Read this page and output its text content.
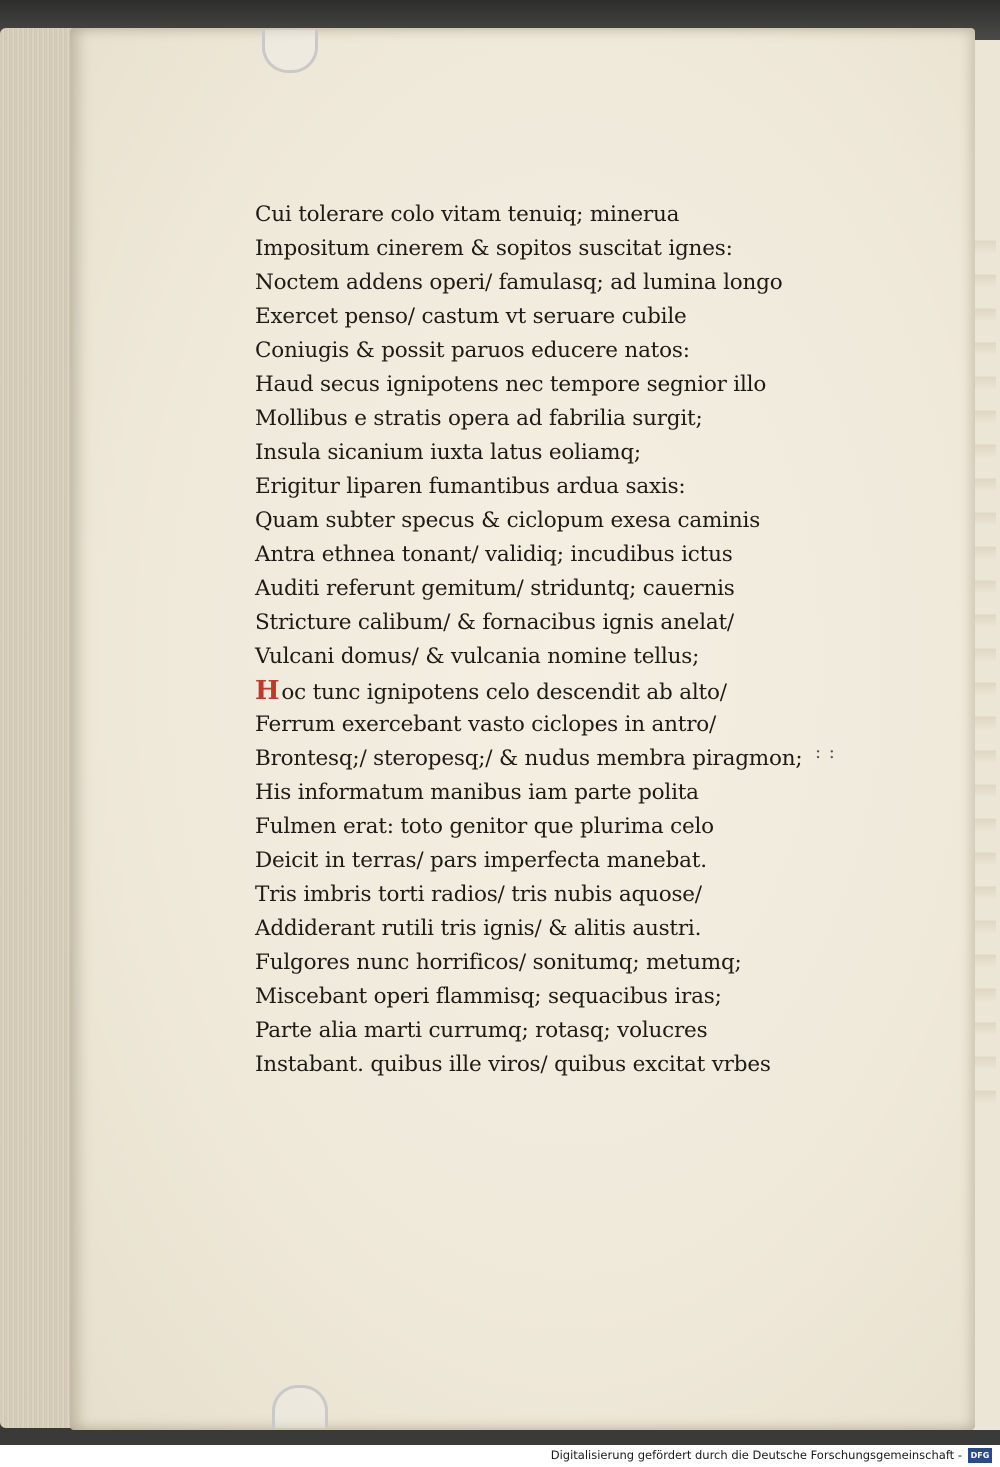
Cui tolerare colo vitam tenuiq; minerua
Impositum cinerem & sopitos suscitat ignes:
Noctem addens operi/ famulasq; ad lumina longo
Exercet penso/ castum vt seruare cubile
Coniugis & possit paruos educere natos:
Haud secus ignipotens nec tempore segnior illo
Mollibus e stratis opera ad fabrilia surgit;
Insula sicanium iuxta latus eoliamq;
Erigitur liparen fumantibus ardua saxis:
Quam subter specus & ciclopum exesa caminis
Antra ethnea tonant/ validiq; incudibus ictus
Auditi referunt gemitum/ striduntq; cauernis
Stricture calibum/ & fornacibus ignis anelat/
Vulcani domus/ & vulcania nomine tellus;
Hoc tunc ignipotens celo descendit ab alto/
Ferrum exercebant vasto ciclopes in antro/
Brontesq;/ steropesq;/ & nudus membra piragmon;
His informatum manibus iam parte polita
Fulmen erat: toto genitor que plurima celo
Deicit in terras/ pars imperfecta manebat.
Tris imbris torti radios/ tris nubis aquose/
Addiderant rutili tris ignis/ & alitis austri.
Fulgores nunc horrificos/ sonitumq; metumq;
Miscebant operi flammisq; sequacibus iras;
Parte alia marti currumq; rotasq; volucres
Instabant. quibus ille viros/ quibus excitat vrbes
: :
Digitalisierung gefördert durch die Deutsche Forschungsgemeinschaft -	DFG
